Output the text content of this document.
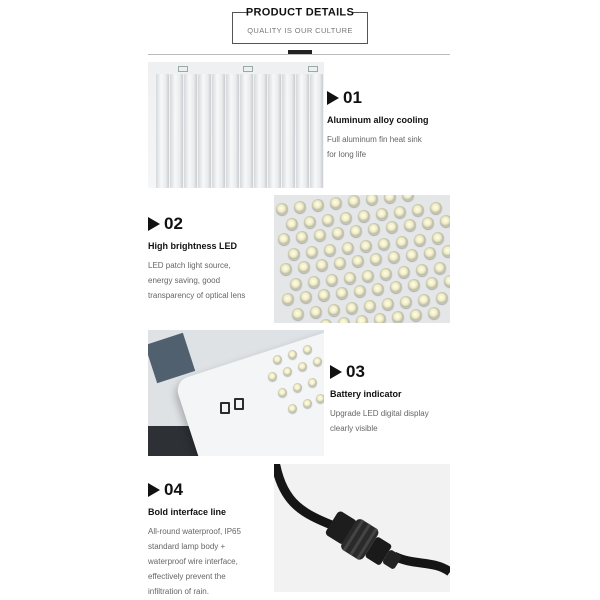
PRODUCT DETAILS
QUALITY IS OUR CULTURE
01
Aluminum alloy cooling
Full aluminum fin heat sink
for long life
02
High brightness LED
LED patch light source,
energy saving, good
transparency of optical lens
03
Battery indicator
Upgrade LED digital display
clearly visible
04
Bold interface line
All-round waterproof, IP65
standard lamp body +
waterproof wire interface,
effectively prevent the
infiltration of rain.
